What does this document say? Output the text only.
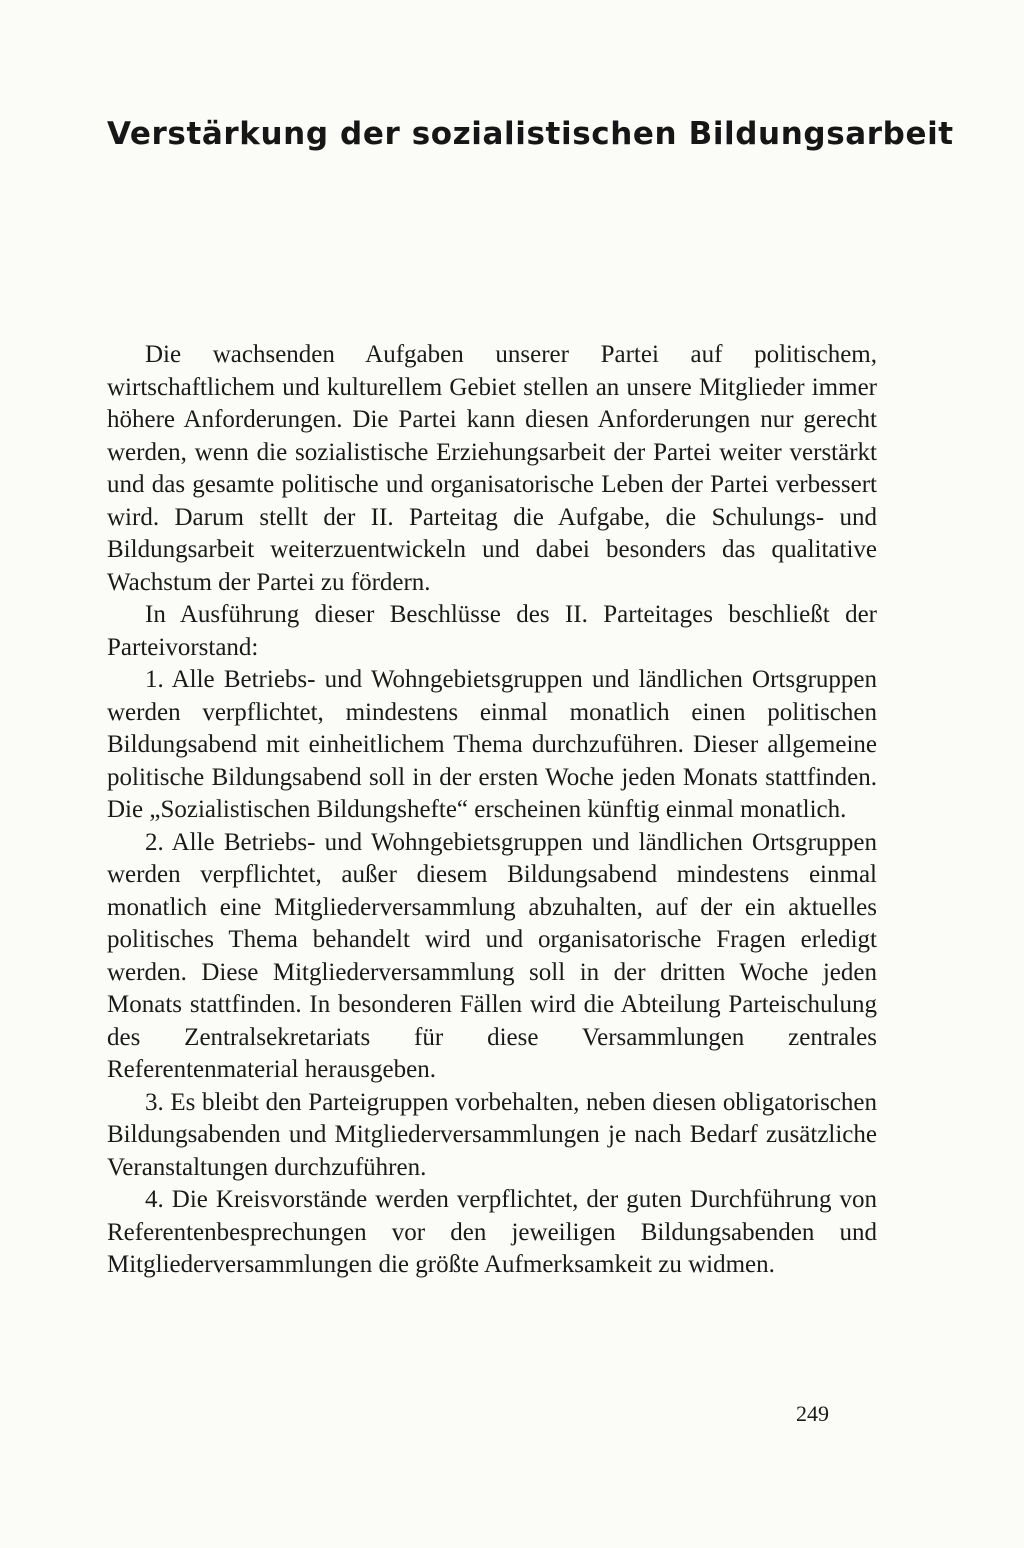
Verstärkung der sozialistischen Bildungsarbeit

Die wachsenden Aufgaben unserer Partei auf politischem, wirtschaftlichem und kulturellem Gebiet stellen an unsere Mitglieder immer höhere Anforderungen. Die Partei kann diesen Anforderungen nur gerecht werden, wenn die sozialistische Erziehungsarbeit der Partei weiter verstärkt und das gesamte politische und organisatorische Leben der Partei verbessert wird. Darum stellt der II. Parteitag die Aufgabe, die Schulungs- und Bildungsarbeit weiterzuentwickeln und dabei besonders das qualitative Wachstum der Partei zu fördern.

In Ausführung dieser Beschlüsse des II. Parteitages beschließt der Parteivorstand:

1. Alle Betriebs- und Wohngebietsgruppen und ländlichen Ortsgruppen werden verpflichtet, mindestens einmal monatlich einen politischen Bildungsabend mit einheitlichem Thema durchzuführen. Dieser allgemeine politische Bildungsabend soll in der ersten Woche jeden Monats stattfinden. Die „Sozialistischen Bildungshefte“ erscheinen künftig einmal monatlich.

2. Alle Betriebs- und Wohngebietsgruppen und ländlichen Ortsgruppen werden verpflichtet, außer diesem Bildungsabend mindestens einmal monatlich eine Mitgliederversammlung abzuhalten, auf der ein aktuelles politisches Thema behandelt wird und organisatorische Fragen erledigt werden. Diese Mitgliederversammlung soll in der dritten Woche jeden Monats stattfinden. In besonderen Fällen wird die Abteilung Parteischulung des Zentralsekretariats für diese Versammlungen zentrales Referentenmaterial herausgeben.

3. Es bleibt den Parteigruppen vorbehalten, neben diesen obligatorischen Bildungsabenden und Mitgliederversammlungen je nach Bedarf zusätzliche Veranstaltungen durchzuführen.

4. Die Kreisvorstände werden verpflichtet, der guten Durchführung von Referentenbesprechungen vor den jeweiligen Bildungsabenden und Mitgliederversammlungen die größte Aufmerksamkeit zu widmen.

249
